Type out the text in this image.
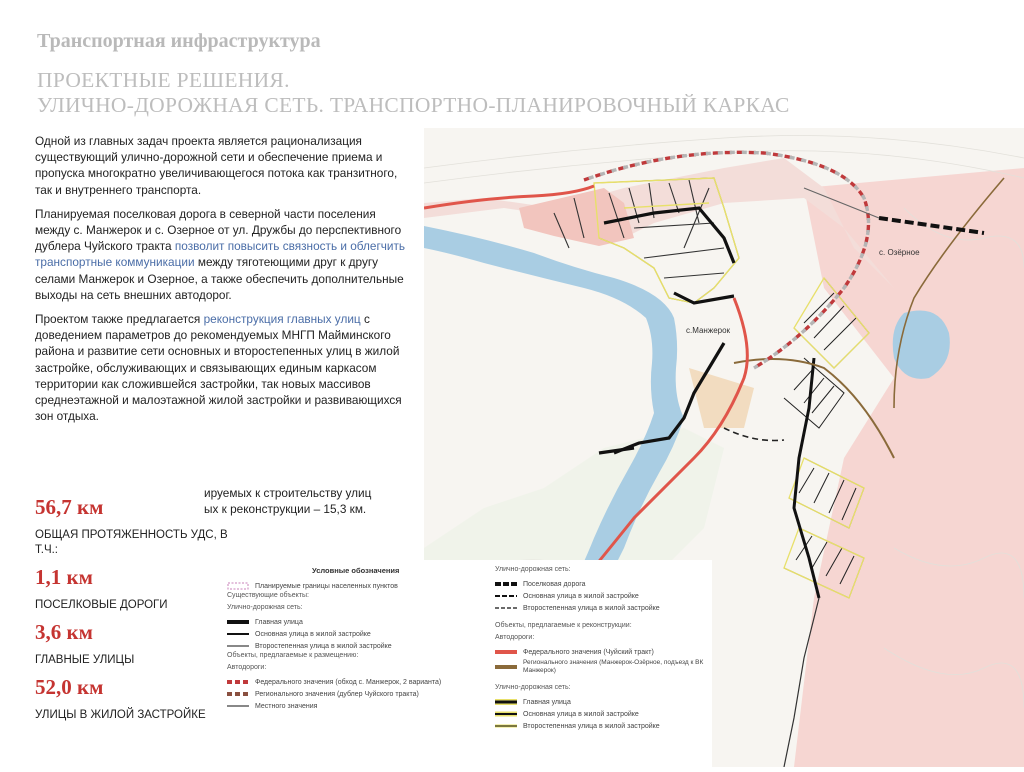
Транспортная инфраструктура
ПРОЕКТНЫЕ РЕШЕНИЯ.
УЛИЧНО-ДОРОЖНАЯ СЕТЬ. ТРАНСПОРТНО-ПЛАНИРОВОЧНЫЙ КАРКАС
с.Манжерок
с. Озёрное
Условные обозначения
Планируемые границы населенных пунктов
Существующие объекты:
Улично-дорожная сеть:
Главная улица
Основная улица в жилой застройке
Второстепенная улица в жилой застройке
Объекты, предлагаемые к размещению:
Автодороги:
Федерального значения (обход с. Манжерок, 2 варианта)
Регионального значения (дублер Чуйского тракта)
Местного значения
Улично-дорожная сеть:
Поселковая дорога
Основная улица в жилой застройке
Второстепенная улица в жилой застройке
Объекты, предлагаемые к реконструкции:
Автодороги:
Федерального значения (Чуйский тракт)
Регионального значения (Манжерок-Озёрное, подъезд к ВК Манжерок)
Улично-дорожная сеть:
Главная улица
Основная улица в жилой застройке
Второстепенная улица в жилой застройке

Одной из главных задач проекта является рационализация существующий улично-дорожной сети и обеспечение приема и пропуска многократно увеличивающегося потока как транзитного, так и внутреннего транспорта.

Планируемая поселковая дорога в северной части поселения между с. Манжерок и с. Озерное от ул. Дружбы до перспективного дублера Чуйского тракта позволит повысить связность и облегчить транспортные коммуникации между тяготеющими друг к другу селами Манжерок и Озерное, а также обеспечить дополнительные выходы на сеть внешних автодорог.

Проектом также предлагается реконструкция главных улиц с доведением параметров до рекомендуемых МНГП Майминского района и развитие сети основных и второстепенных улиц в жилой застройке, обслуживающих и связывающих единым каркасом территории как сложившейся застройки, так новых массивов среднеэтажной и малоэтажной жилой застройки и развивающихся зон отдыха.

ируемых к строительству улиц
ых к реконструкции – 15,3 км.
56,7 км
ОБЩАЯ ПРОТЯЖЕННОСТЬ УДС, В Т.Ч.:
1,1 км
ПОСЕЛКОВЫЕ ДОРОГИ
3,6 км
ГЛАВНЫЕ УЛИЦЫ
52,0 км
УЛИЦЫ В ЖИЛОЙ ЗАСТРОЙКЕ
